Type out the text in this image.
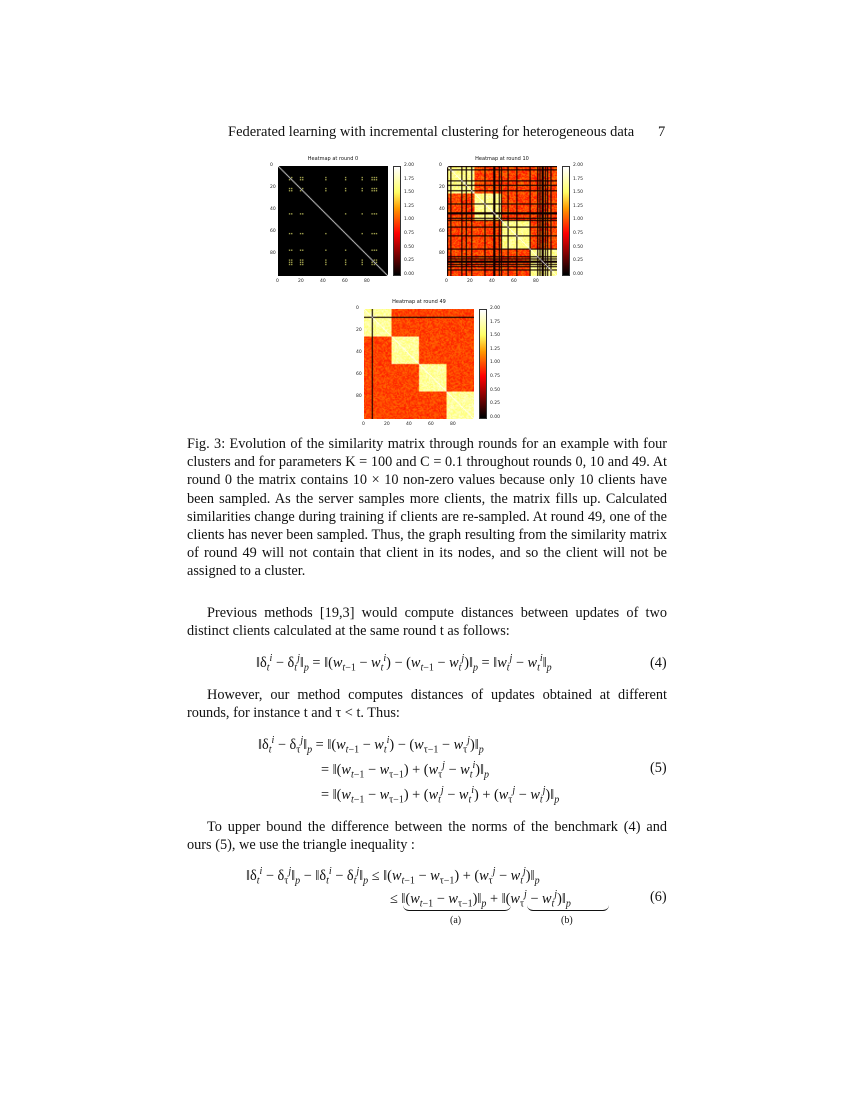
Federated learning with incremental clustering for heterogeneous data 7
Heatmap at round 0
0
0
20
20
40
40
60
60
80
80
2.00
1.75
1.50
1.25
1.00
0.75
0.50
0.25
0.00
Heatmap at round 10
0
0
20
20
40
40
60
60
80
80
2.00
1.75
1.50
1.25
1.00
0.75
0.50
0.25
0.00
Heatmap at round 49
0
0
20
20
40
40
60
60
80
80
2.00
1.75
1.50
1.25
1.00
0.75
0.50
0.25
0.00
Fig. 3: Evolution of the similarity matrix through rounds for an example with four clusters and for parameters K = 100 and C = 0.1 throughout rounds 0, 10 and 49. At round 0 the matrix contains 10 × 10 non-zero values because only 10 clients have been sampled. As the server samples more clients, the matrix fills up. Calculated similarities change during training if clients are re-sampled. At round 49, one of the clients has never been sampled. Thus, the graph resulting from the similarity matrix of round 49 will not contain that client in its nodes, and so the client will not be assigned to a cluster.
Previous methods [19,3] would compute distances between updates of two distinct clients calculated at the same round t as follows:
$‖\delta_t^i$ − $\delta_t^j‖_p$ = $‖(w_{t-1} - w_t^i) - (w_{t-1}$ − $w_t^j)‖_p$ = $‖w_t^j$ − $w_t^i‖_p$	(4)
However, our method computes distances of updates obtained at different rounds, for instance t and τ < t. Thus:
$‖\delta_t^i$ − $\delta_\tau^j‖_p$ = $‖(w_{t-1} - w_t^i) - (w_{\tau-1}$ − $w_\tau^j)‖_p$
= $‖(w_{t-1} - w_{\tau-1}) + (w_\tau^j$ − $w_t^i)‖_p$
= $‖(w_{t-1} - w_{\tau-1}) + (w_t^j - w_t^i) + (w_\tau^j$ − $w_t^j)‖_p$
(5)
To upper bound the difference between the norms of the benchmark (4) and ours (5), we use the triangle inequality :
$‖\delta_t^i$ − $\delta_\tau^j‖_p$ − $‖\delta_t^i$ − $\delta_t^j‖_p$ ≤ $‖(w_{t-1} - w_{\tau-1}) + (w_\tau^j$ − $w_t^j)‖_p$
≤ $‖(w_{t-1}$ − $w_{\tau-1})‖_p$ + $‖(w_\tau^j$ − $w_t^j)‖_p$
(a)	(b)
(6)
